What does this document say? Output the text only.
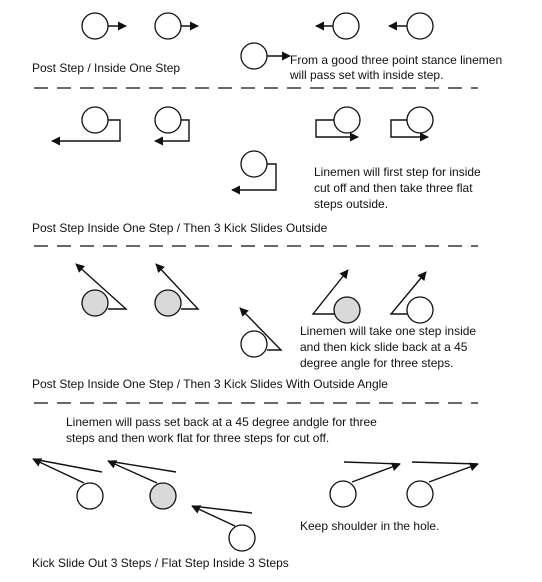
Post Step / Inside One Step
From a good three point stance linemen
will pass set with inside step.
Linemen will first step for inside
cut off and then take three flat
steps outside.
Post Step Inside One Step / Then 3 Kick Slides Outside
Linemen will take one step inside
and then kick slide back at a 45
degree angle for three steps.
Post Step Inside One Step / Then 3 Kick Slides With Outside Angle
Linemen will pass set back at a 45 degree andgle for three
steps and then work flat for three steps for cut off.
Keep shoulder in the hole.
Kick Slide Out 3 Steps / Flat Step Inside 3 Steps
